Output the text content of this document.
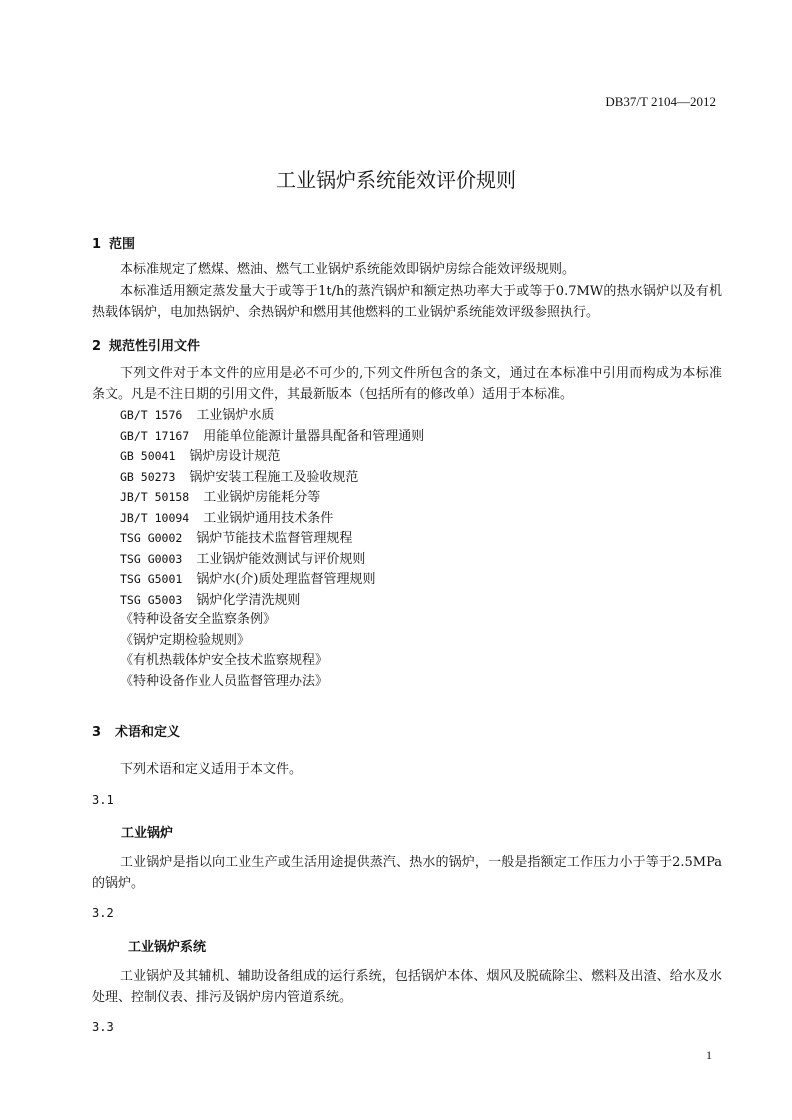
DB37/T 2104—2012
工业锅炉系统能效评价规则
1 范围
本标准规定了燃煤、燃油、燃气工业锅炉系统能效即锅炉房综合能效评级规则。
本标准适用额定蒸发量大于或等于1t/h的蒸汽锅炉和额定热功率大于或等于0.7MW的热水锅炉以及有机热载体锅炉，电加热锅炉、余热锅炉和燃用其他燃料的工业锅炉系统能效评级参照执行。
2 规范性引用文件
下列文件对于本文件的应用是必不可少的,下列文件所包含的条文，通过在本标准中引用而构成为本标准条文。凡是不注日期的引用文件，其最新版本（包括所有的修改单）适用于本标准。
GB/T 1576 工业锅炉水质
GB/T 17167 用能单位能源计量器具配备和管理通则
GB 50041 锅炉房设计规范
GB 50273 锅炉安装工程施工及验收规范
JB/T 50158 工业锅炉房能耗分等
JB/T 10094 工业锅炉通用技术条件
TSG G0002 锅炉节能技术监督管理规程
TSG G0003 工业锅炉能效测试与评价规则
TSG G5001 锅炉水(介)质处理监督管理规则
TSG G5003 锅炉化学清洗规则
《特种设备安全监察条例》
《锅炉定期检验规则》
《有机热载体炉安全技术监察规程》
《特种设备作业人员监督管理办法》
3 术语和定义
下列术语和定义适用于本文件。
3.1
工业锅炉
工业锅炉是指以向工业生产或生活用途提供蒸汽、热水的锅炉，一般是指额定工作压力小于等于2.5MPa的锅炉。
3.2
工业锅炉系统
工业锅炉及其辅机、辅助设备组成的运行系统，包括锅炉本体、烟风及脱硫除尘、燃料及出渣、给水及水处理、控制仪表、排污及锅炉房内管道系统。
3.3
1
